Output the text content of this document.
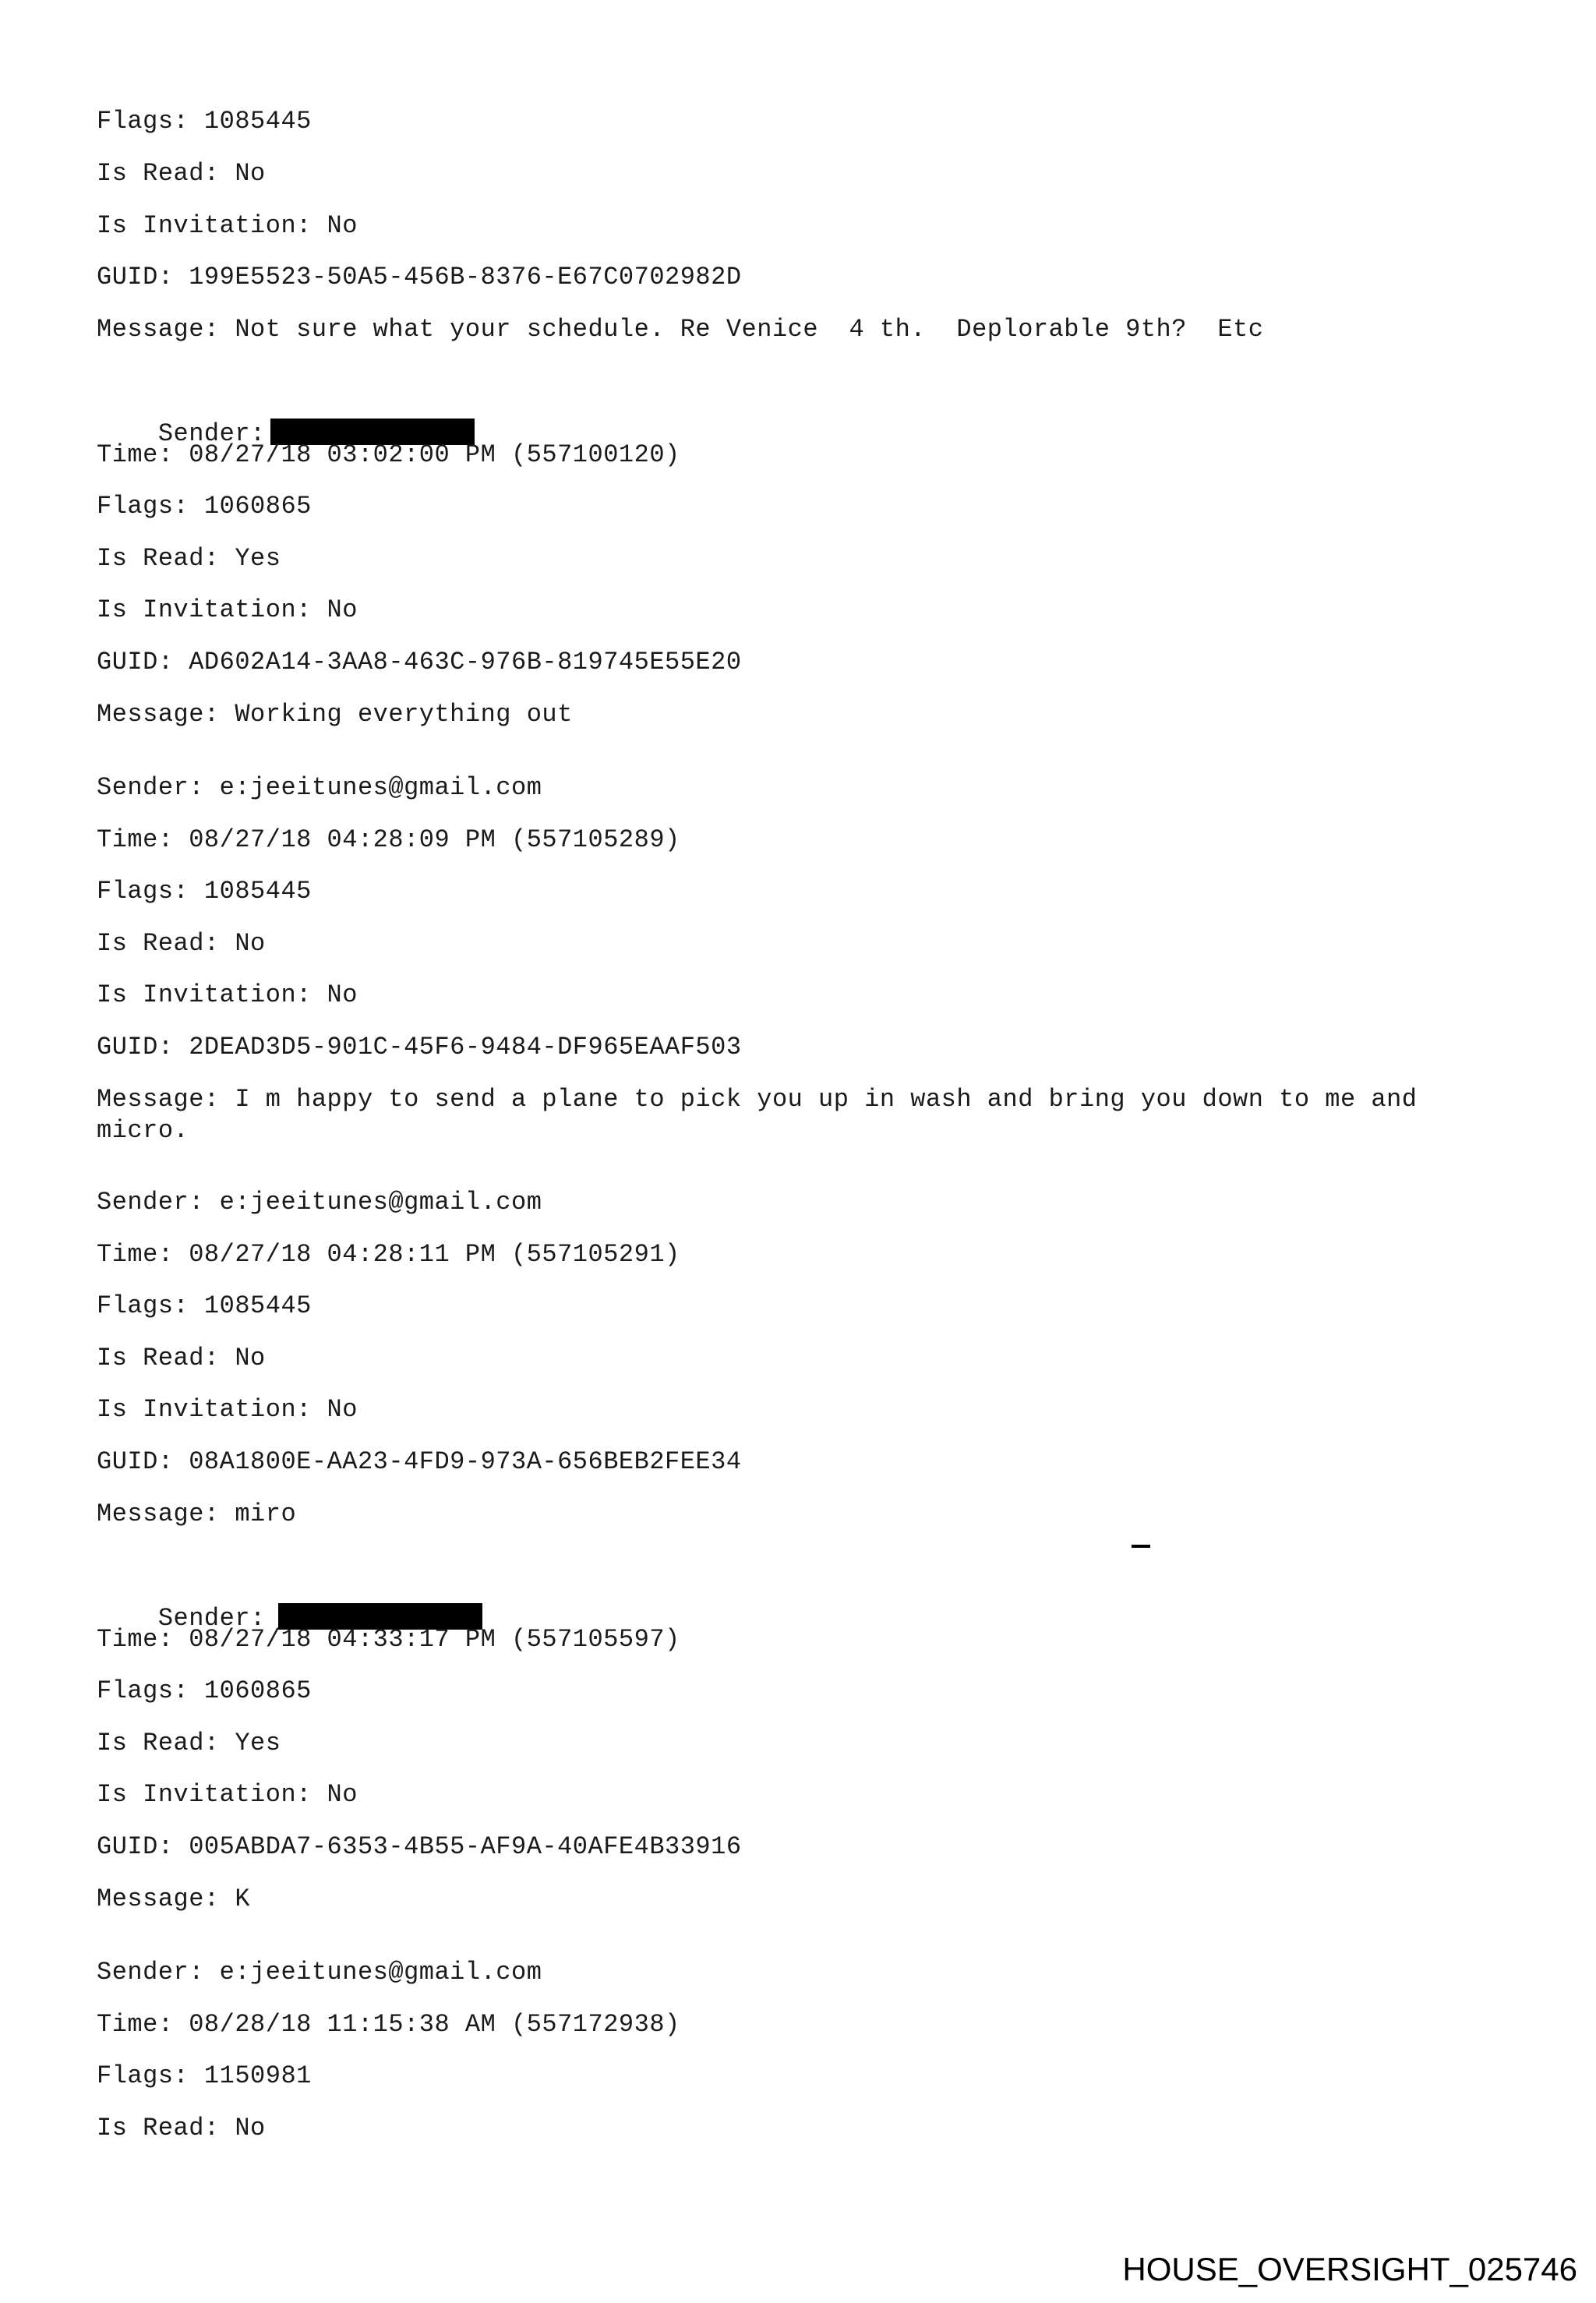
Flags: 1085445
Is Read: No
Is Invitation: No
GUID: 199E5523-50A5-456B-8376-E67C0702982D
Message: Not sure what your schedule. Re Venice  4 th.  Deplorable 9th?  Etc

Sender:

Time: 08/27/18 03:02:00 PM (557100120)
Flags: 1060865
Is Read: Yes
Is Invitation: No
GUID: AD602A14-3AA8-463C-976B-819745E55E20
Message: Working everything out
Sender: e:jeeitunes@gmail.com
Time: 08/27/18 04:28:09 PM (557105289)
Flags: 1085445
Is Read: No
Is Invitation: No
GUID: 2DEAD3D5-901C-45F6-9484-DF965EAAF503
Message: I m happy to send a plane to pick you up in wash and bring you down to me and
micro.
Sender: e:jeeitunes@gmail.com
Time: 08/27/18 04:28:11 PM (557105291)
Flags: 1085445
Is Read: No
Is Invitation: No
GUID: 08A1800E-AA23-4FD9-973A-656BEB2FEE34
Message: miro

Sender:

Time: 08/27/18 04:33:17 PM (557105597)
Flags: 1060865
Is Read: Yes
Is Invitation: No
GUID: 005ABDA7-6353-4B55-AF9A-40AFE4B33916
Message: K
Sender: e:jeeitunes@gmail.com
Time: 08/28/18 11:15:38 AM (557172938)
Flags: 1150981
Is Read: No
HOUSE_OVERSIGHT_025746
